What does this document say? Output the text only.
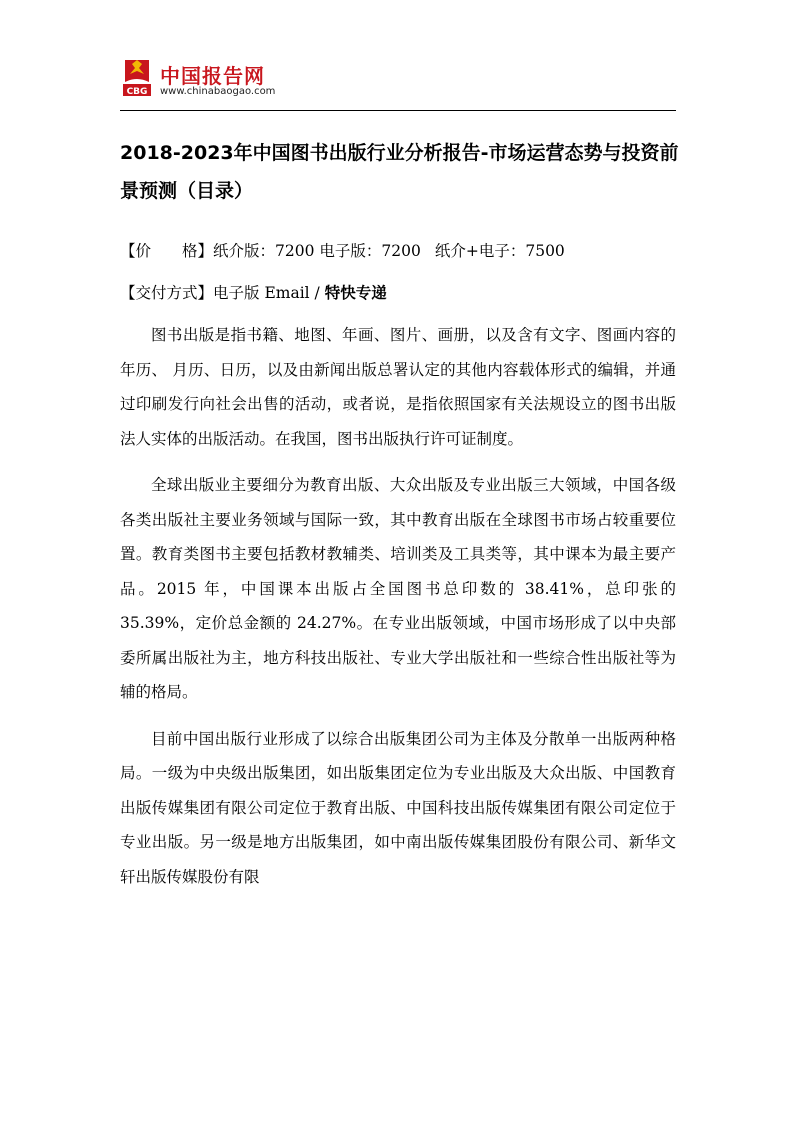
CBG
中国报告网
www.chinabaogao.com
2018-2023年中国图书出版行业分析报告-市场运营态势与投资前景预测（目录）
【价　　格】纸介版：7200 电子版：7200 纸介+电子：7500
【交付方式】电子版 Email / 特快专递

图书出版是指书籍、地图、年画、图片、画册，以及含有文字、图画内容的年历、 月历、日历，以及由新闻出版总署认定的其他内容载体形式的编辑，并通过印刷发行向社会出售的活动，或者说，是指依照国家有关法规设立的图书出版法人实体的出版活动。在我国，图书出版执行许可证制度。

全球出版业主要细分为教育出版、大众出版及专业出版三大领域，中国各级各类出版社主要业务领域与国际一致，其中教育出版在全球图书市场占较重要位置。教育类图书主要包括教材教辅类、培训类及工具类等，其中课本为最主要产品。2015 年，中国课本出版占全国图书总印数的 38.41%，总印张的 35.39%，定价总金额的 24.27%。在专业出版领域，中国市场形成了以中央部委所属出版社为主，地方科技出版社、专业大学出版社和一些综合性出版社等为辅的格局。

目前中国出版行业形成了以综合出版集团公司为主体及分散单一出版两种格局。一级为中央级出版集团，如出版集团定位为专业出版及大众出版、中国教育出版传媒集团有限公司定位于教育出版、中国科技出版传媒集团有限公司定位于专业出版。另一级是地方出版集团，如中南出版传媒集团股份有限公司、新华文轩出版传媒股份有限
